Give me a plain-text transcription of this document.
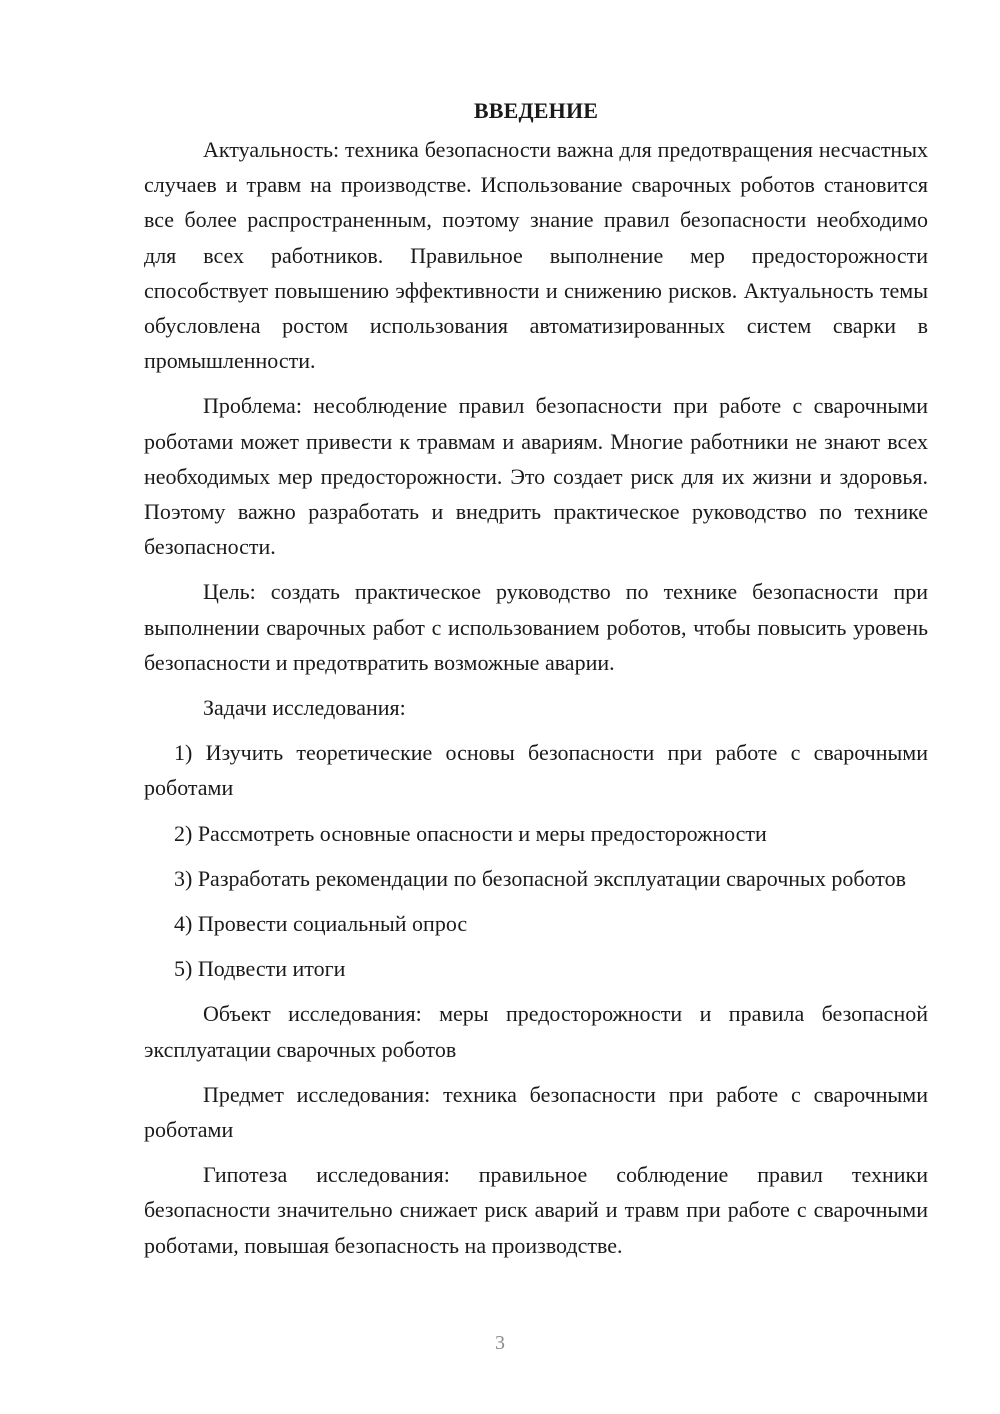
ВВЕДЕНИЕ

Актуальность: техника безопасности важна для предотвращения несчастных случаев и травм на производстве. Использование сварочных роботов становится все более распространенным, поэтому знание правил безопасности необходимо для всех работников. Правильное выполнение мер предосторожности способствует повышению эффективности и снижению рисков. Актуальность темы обусловлена ростом использования автоматизированных систем сварки в промышленности.

Проблема: несоблюдение правил безопасности при работе с сварочными роботами может привести к травмам и авариям. Многие работники не знают всех необходимых мер предосторожности. Это создает риск для их жизни и здоровья. Поэтому важно разработать и внедрить практическое руководство по технике безопасности.

Цель: создать практическое руководство по технике безопасности при выполнении сварочных работ с использованием роботов, чтобы повысить уровень безопасности и предотвратить возможные аварии.

Задачи исследования:

1) Изучить теоретические основы безопасности при работе с сварочными роботами

2) Рассмотреть основные опасности и меры предосторожности

3) Разработать рекомендации по безопасной эксплуатации сварочных роботов

4) Провести социальный опрос

5) Подвести итоги

Объект исследования: меры предосторожности и правила безопасной эксплуатации сварочных роботов

Предмет исследования: техника безопасности при работе с сварочными роботами

Гипотеза исследования: правильное соблюдение правил техники безопасности значительно снижает риск аварий и травм при работе с сварочными роботами, повышая безопасность на производстве.

3
